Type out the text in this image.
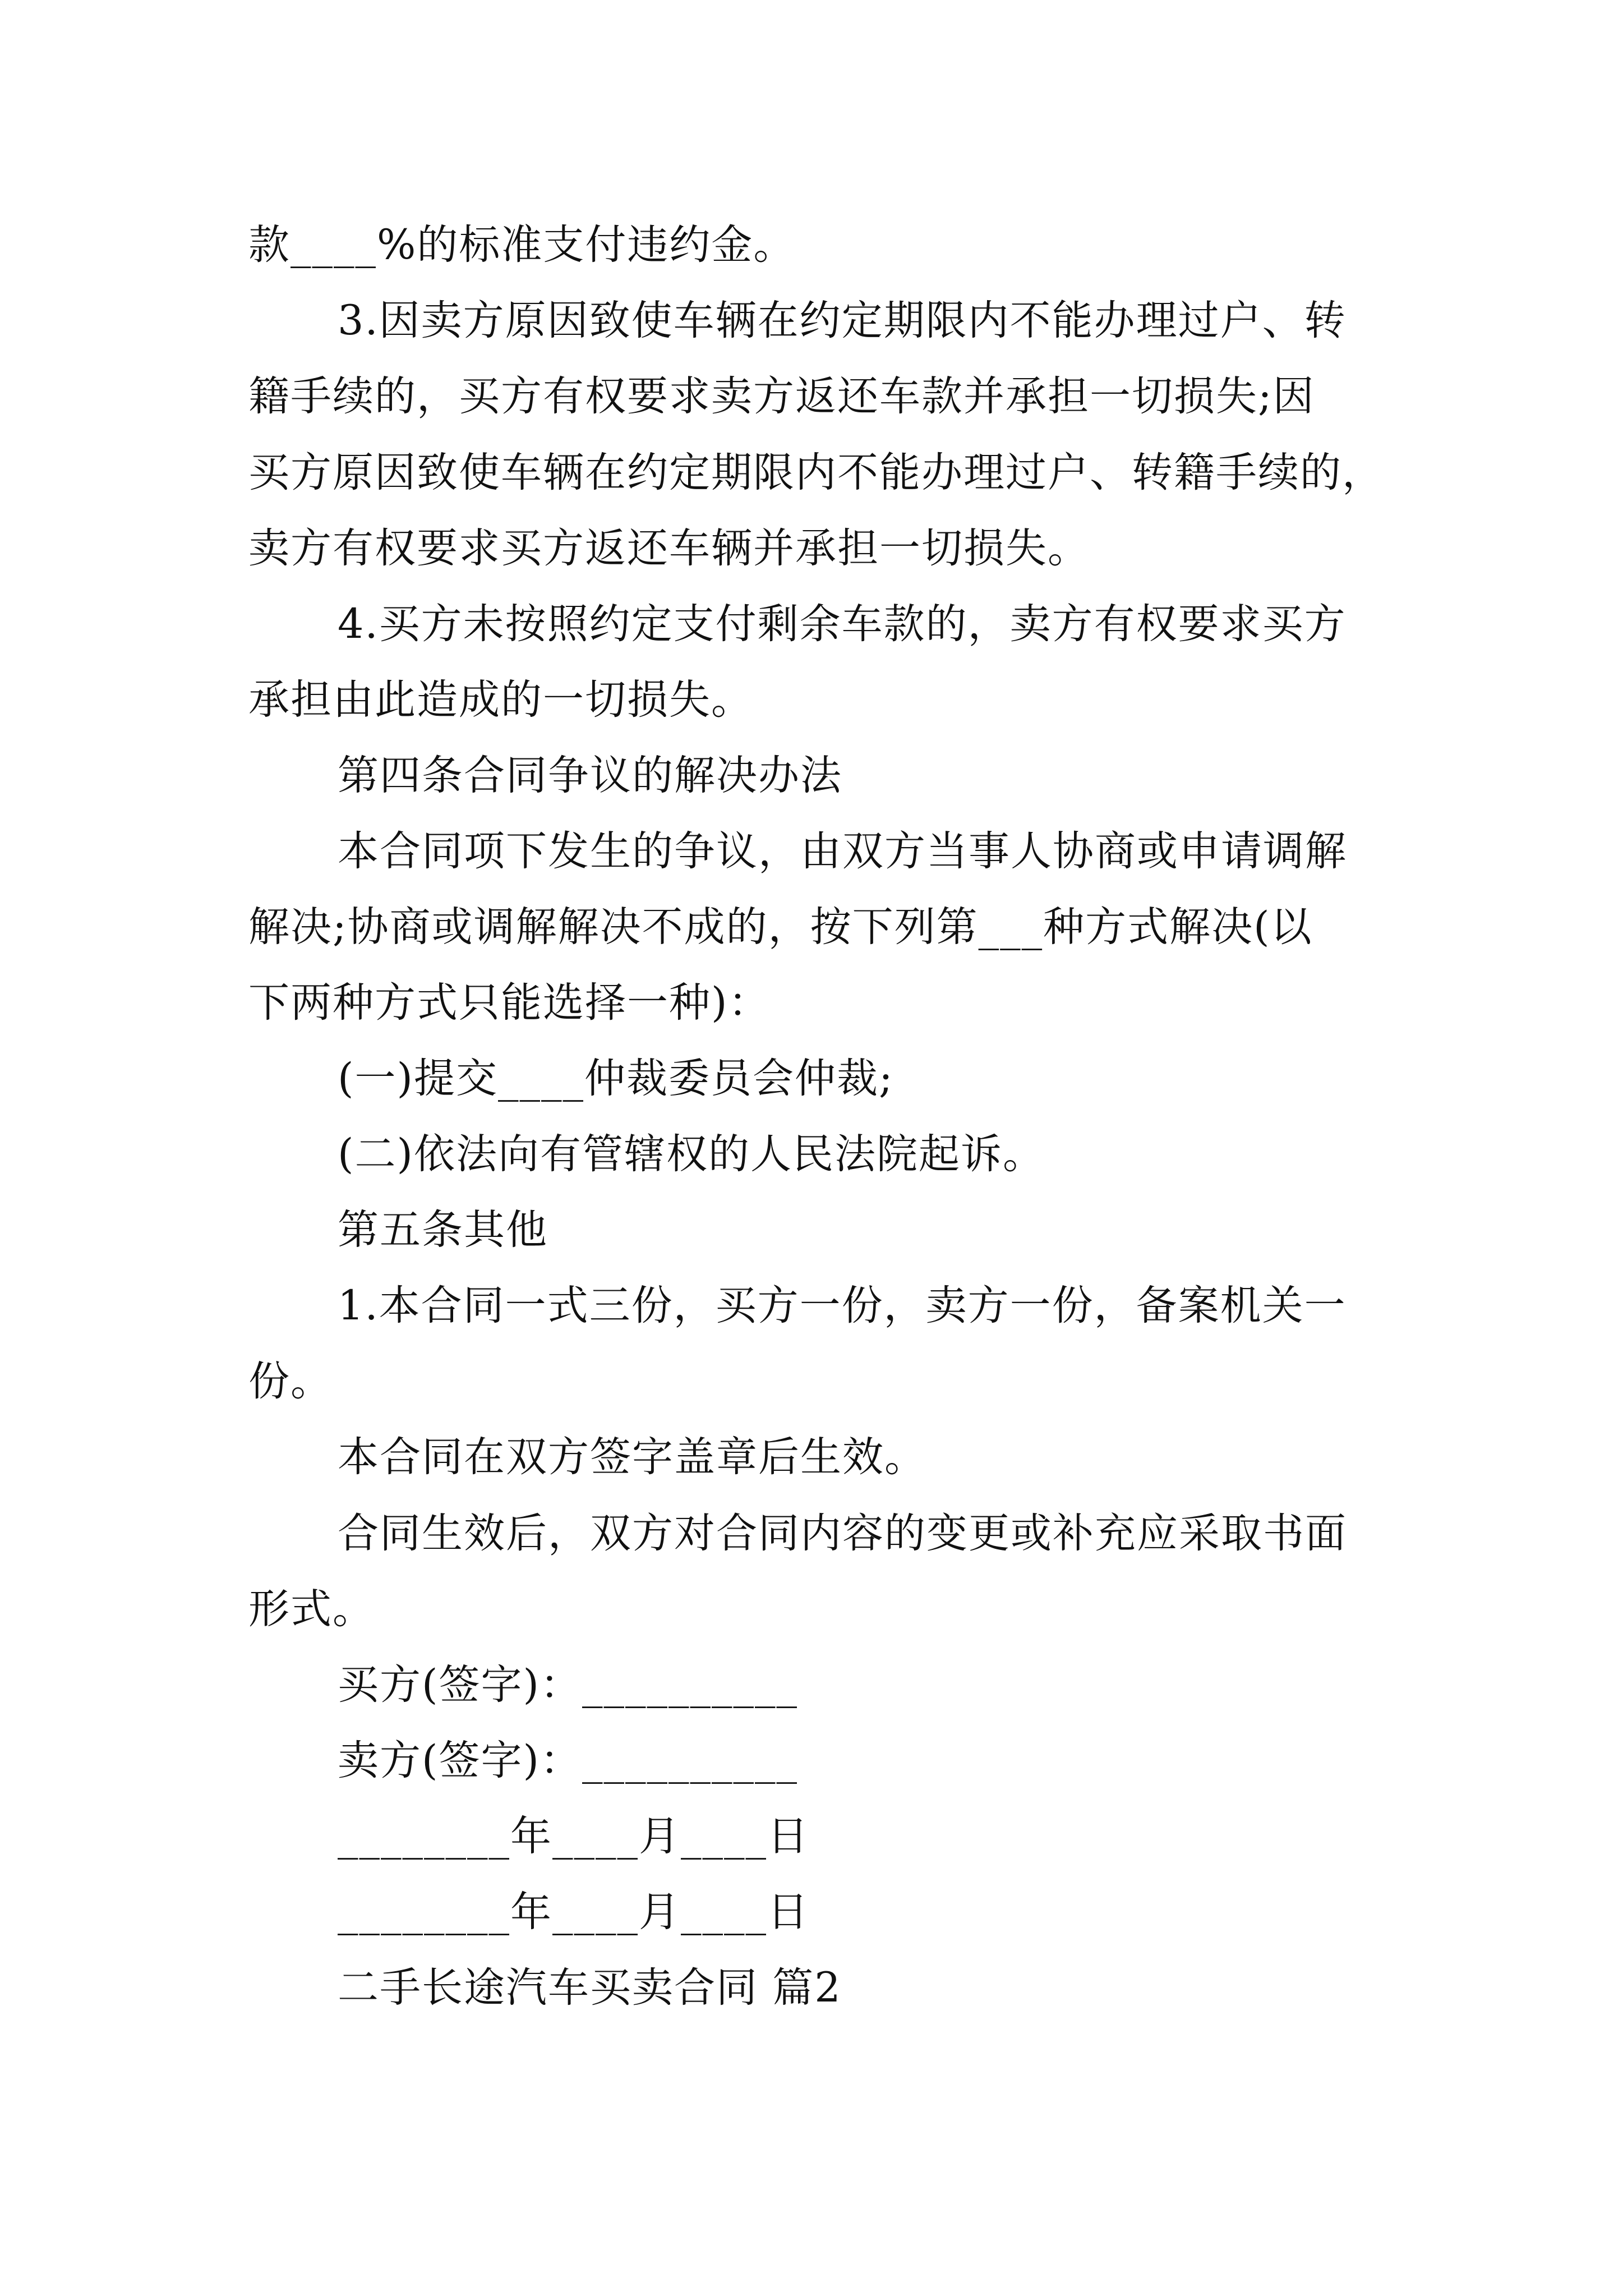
款____%的标准支付违约金。
3.因卖方原因致使车辆在约定期限内不能办理过户、转
籍手续的，买方有权要求卖方返还车款并承担一切损失;因
买方原因致使车辆在约定期限内不能办理过户、转籍手续的，
卖方有权要求买方返还车辆并承担一切损失。
4.买方未按照约定支付剩余车款的，卖方有权要求买方
承担由此造成的一切损失。
第四条合同争议的解决办法
本合同项下发生的争议，由双方当事人协商或申请调解
解决;协商或调解解决不成的，按下列第___种方式解决(以
下两种方式只能选择一种)：
(一)提交____仲裁委员会仲裁;
(二)依法向有管辖权的人民法院起诉。
第五条其他
1.本合同一式三份，买方一份，卖方一份，备案机关一
份。
本合同在双方签字盖章后生效。
合同生效后，双方对合同内容的变更或补充应采取书面
形式。
买方(签字)：__________
卖方(签字)：__________
________年____月____日
________年____月____日
二手长途汽车买卖合同 篇2
